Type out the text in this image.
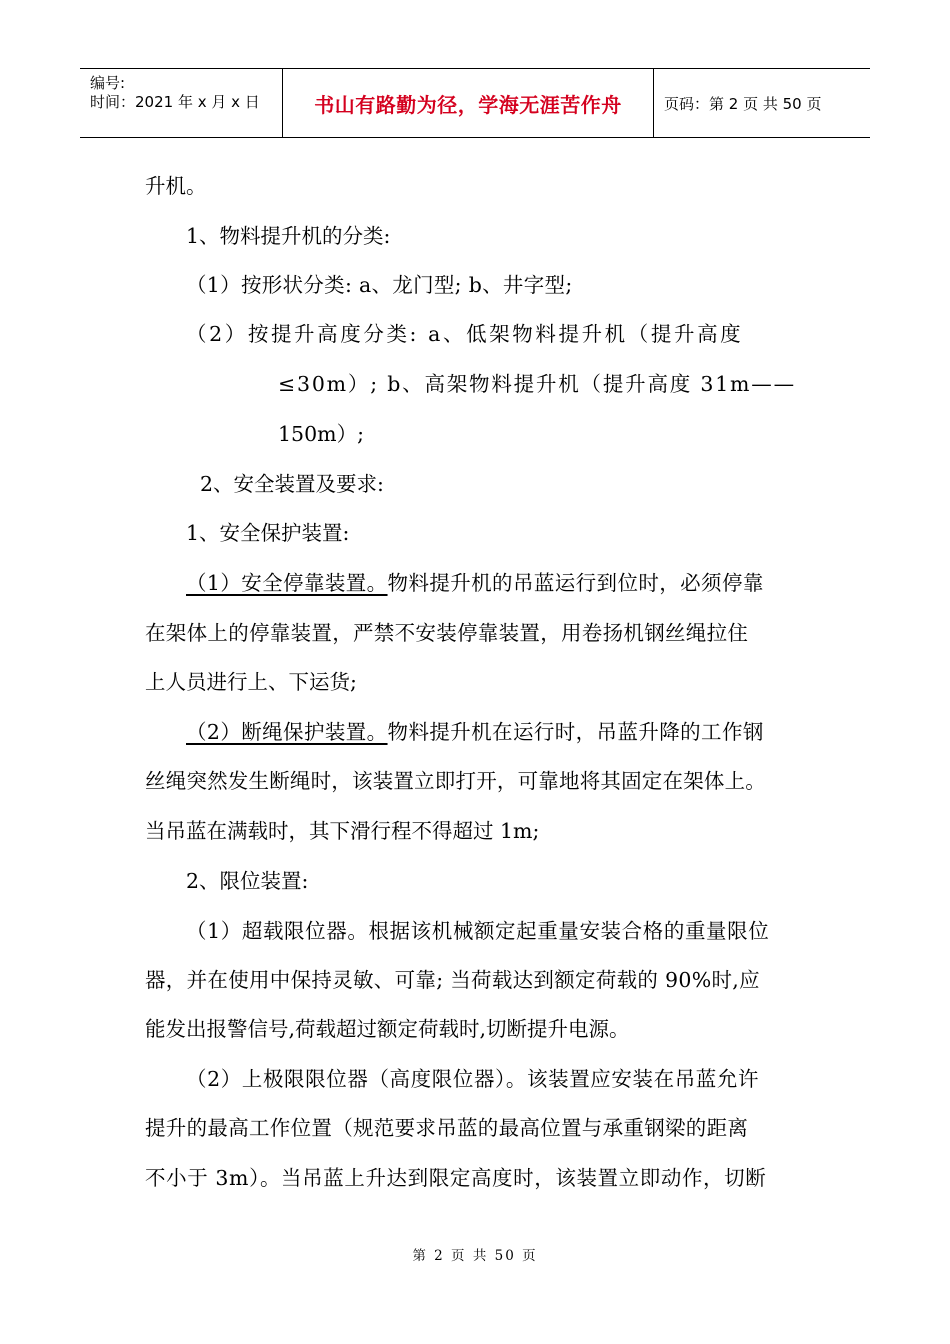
编号:
时间：2021 年 x 月 x 日	书山有路勤为径，学海无涯苦作舟	页码：第 2 页 共 50 页
升机。
1、物料提升机的分类:
（1）按形状分类: a、龙门型; b、井字型;
（2）按提升高度分类: a、低架物料提升机（提升高度
≤30m）; b、高架物料提升机（提升高度 31m——
150m）;
2、安全装置及要求:
1、安全保护装置:
（1）安全停靠装置。物料提升机的吊蓝运行到位时，必须停靠
在架体上的停靠装置，严禁不安装停靠装置，用卷扬机钢丝绳拉住
上人员进行上、下运货;
（2）断绳保护装置。物料提升机在运行时，吊蓝升降的工作钢
丝绳突然发生断绳时，该装置立即打开，可靠地将其固定在架体上。
当吊蓝在满载时，其下滑行程不得超过 1m;
2、限位装置:
（1）超载限位器。根据该机械额定起重量安装合格的重量限位
器，并在使用中保持灵敏、可靠; 当荷载达到额定荷载的 90%时,应
能发出报警信号,荷载超过额定荷载时,切断提升电源。
（2）上极限限位器（高度限位器）。该装置应安装在吊蓝允许
提升的最高工作位置（规范要求吊蓝的最高位置与承重钢梁的距离
不小于 3m）。当吊蓝上升达到限定高度时，该装置立即动作，切断
第 2 页 共 50 页
